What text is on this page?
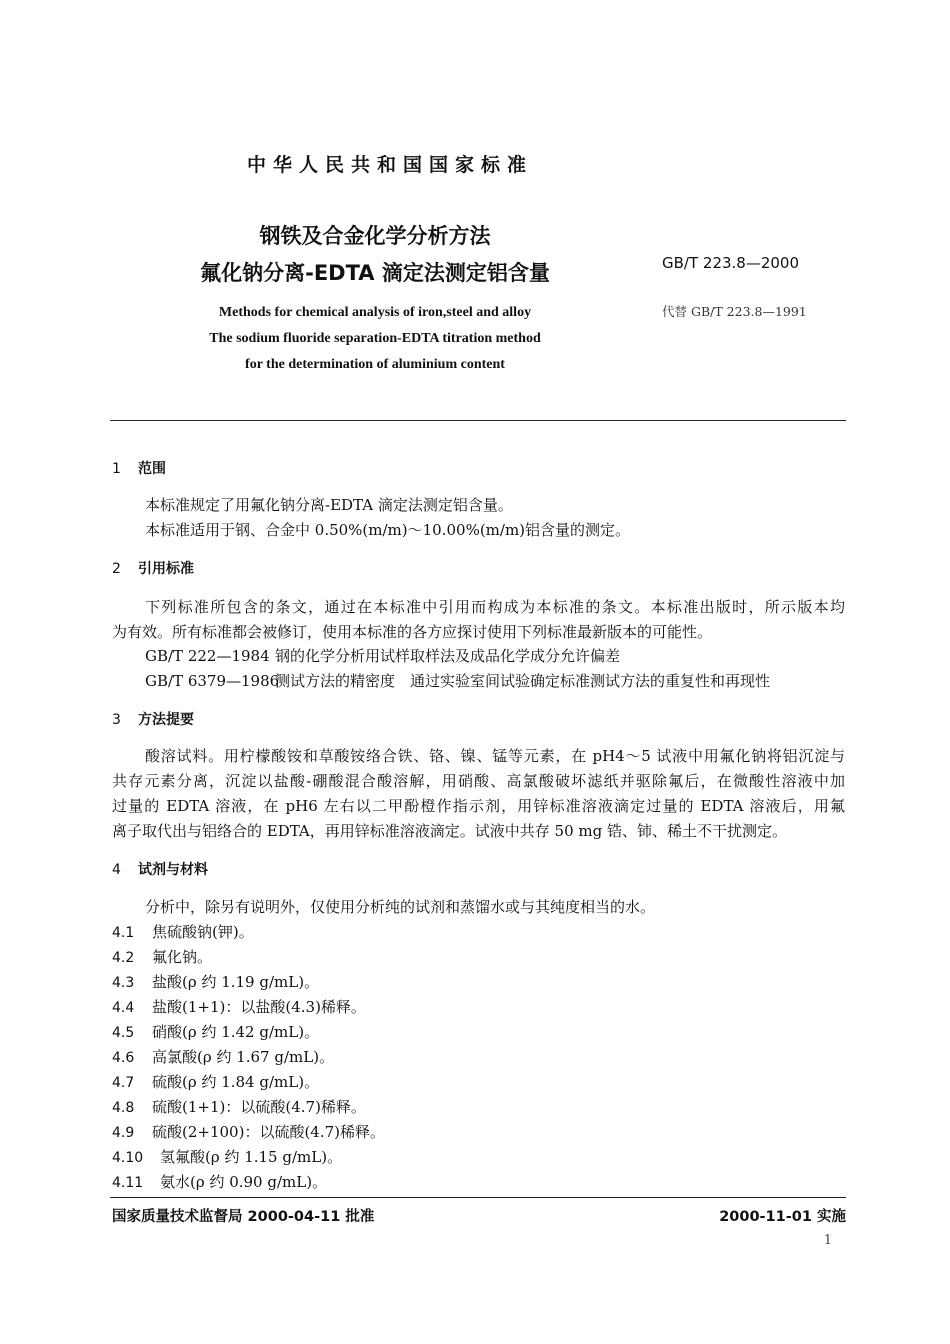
中华人民共和国国家标准
钢铁及合金化学分析方法
氟化钠分离-EDTA 滴定法测定铝含量
Methods for chemical analysis of iron,steel and alloy
The sodium fluoride separation-EDTA titration method
for the determination of aluminium content
GB/T 223.8—2000
代替 GB/T 223.8—1991
1 范围
本标准规定了用氟化钠分离-EDTA 滴定法测定铝含量。
本标准适用于钢、合金中 0.50%(m/m)～10.00%(m/m)铝含量的测定。
2 引用标准
下列标准所包含的条文，通过在本标准中引用而构成为本标准的条文。本标准出版时，所示版本均
为有效。所有标准都会被修订，使用本标准的各方应探讨使用下列标准最新版本的可能性。
GB/T 222—1984 钢的化学分析用试样取样法及成品化学成分允许偏差
GB/T 6379—1986测试方法的精密度　通过实验室间试验确定标准测试方法的重复性和再现性
3 方法提要
酸溶试料。用柠檬酸铵和草酸铵络合铁、铬、镍、锰等元素，在 pH4～5 试液中用氟化钠将铝沉淀与
共存元素分离，沉淀以盐酸-硼酸混合酸溶解，用硝酸、高氯酸破坏滤纸并驱除氟后，在微酸性溶液中加
过量的 EDTA 溶液，在 pH6 左右以二甲酚橙作指示剂，用锌标准溶液滴定过量的 EDTA 溶液后，用氟
离子取代出与铝络合的 EDTA，再用锌标准溶液滴定。试液中共存 50 mg 锆、铈、稀土不干扰测定。
4 试剂与材料
分析中，除另有说明外，仅使用分析纯的试剂和蒸馏水或与其纯度相当的水。
4.1 焦硫酸钠(钾)。
4.2 氟化钠。
4.3 盐酸(ρ 约 1.19 g/mL)。
4.4 盐酸(1+1)：以盐酸(4.3)稀释。
4.5 硝酸(ρ 约 1.42 g/mL)。
4.6 高氯酸(ρ 约 1.67 g/mL)。
4.7 硫酸(ρ 约 1.84 g/mL)。
4.8 硫酸(1+1)：以硫酸(4.7)稀释。
4.9 硫酸(2+100)：以硫酸(4.7)稀释。
4.10 氢氟酸(ρ 约 1.15 g/mL)。
4.11 氨水(ρ 约 0.90 g/mL)。
国家质量技术监督局 2000-04-11 批准	2000-11-01 实施
1
